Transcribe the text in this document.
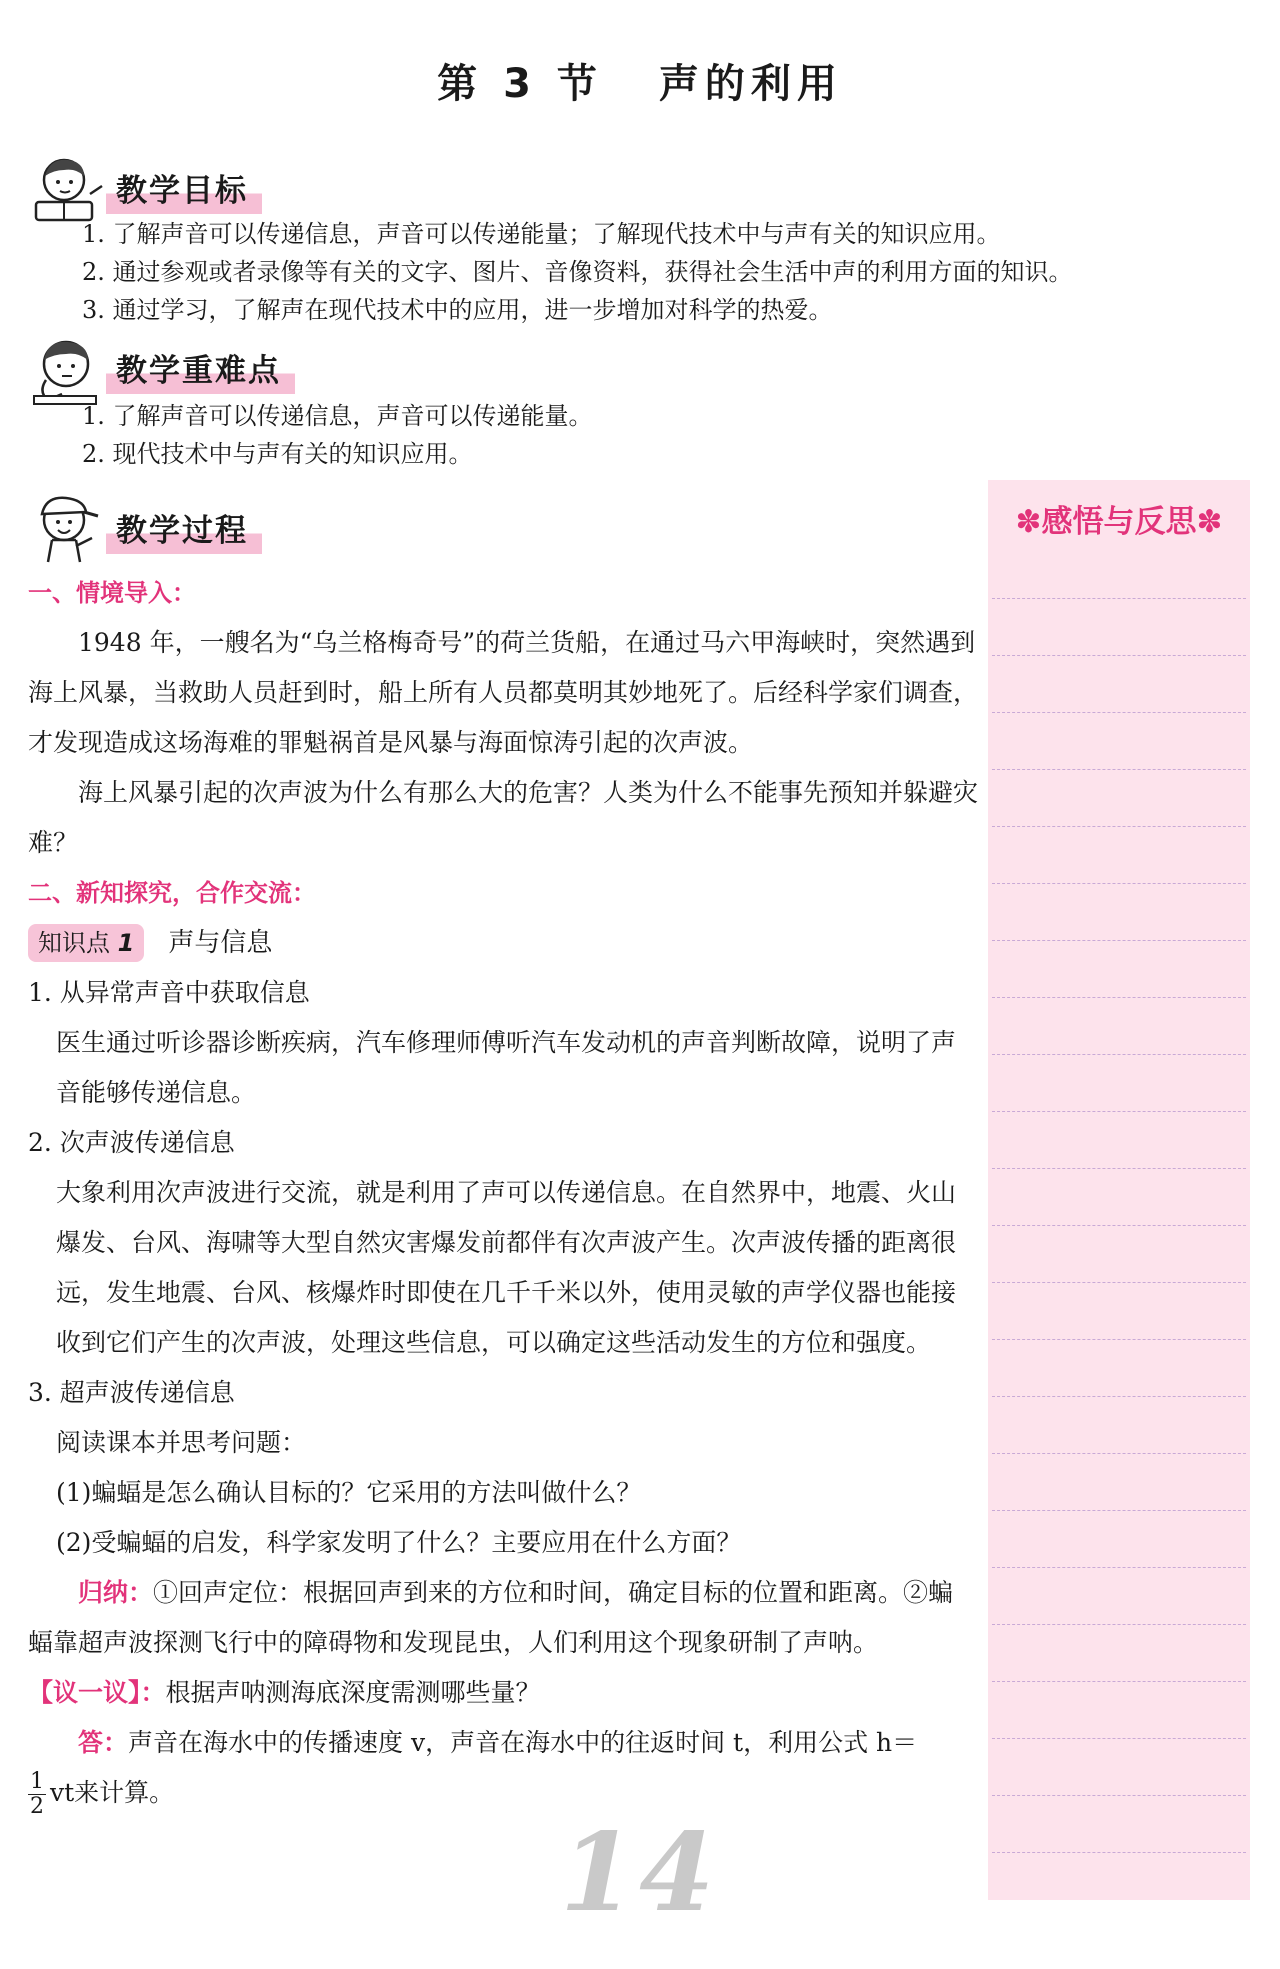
第 3 节 声的利用
教学目标
1. 了解声音可以传递信息，声音可以传递能量；了解现代技术中与声有关的知识应用。
2. 通过参观或者录像等有关的文字、图片、音像资料，获得社会生活中声的利用方面的知识。
3. 通过学习，了解声在现代技术中的应用，进一步增加对科学的热爱。
教学重难点
1. 了解声音可以传递信息，声音可以传递能量。
2. 现代技术中与声有关的知识应用。
教学过程

一、情境导入：

1948 年，一艘名为“乌兰格梅奇号”的荷兰货船，在通过马六甲海峡时，突然遇到海上风暴，当救助人员赶到时，船上所有人员都莫明其妙地死了。后经科学家们调查，才发现造成这场海难的罪魁祸首是风暴与海面惊涛引起的次声波。

海上风暴引起的次声波为什么有那么大的危害？人类为什么不能事先预知并躲避灾难？

二、新知探究，合作交流：

知识点 1 声与信息

1. 从异常声音中获取信息

医生通过听诊器诊断疾病，汽车修理师傅听汽车发动机的声音判断故障，说明了声音能够传递信息。

2. 次声波传递信息

大象利用次声波进行交流，就是利用了声可以传递信息。在自然界中，地震、火山爆发、台风、海啸等大型自然灾害爆发前都伴有次声波产生。次声波传播的距离很远，发生地震、台风、核爆炸时即使在几千千米以外，使用灵敏的声学仪器也能接收到它们产生的次声波，处理这些信息，可以确定这些活动发生的方位和强度。

3. 超声波传递信息

阅读课本并思考问题：

(1)蝙蝠是怎么确认目标的？它采用的方法叫做什么？

(2)受蝙蝠的启发，科学家发明了什么？主要应用在什么方面？

归纳：①回声定位：根据回声到来的方位和时间，确定目标的位置和距离。②蝙蝠靠超声波探测飞行中的障碍物和发现昆虫，人们利用这个现象研制了声呐。

【议一议】：根据声呐测海底深度需测哪些量？

答：声音在海水中的传播速度 v，声音在海水中的往返时间 t，利用公式 h＝

$\frac{1}{2}$ vt来计算。

✽感悟与反思✽
14
